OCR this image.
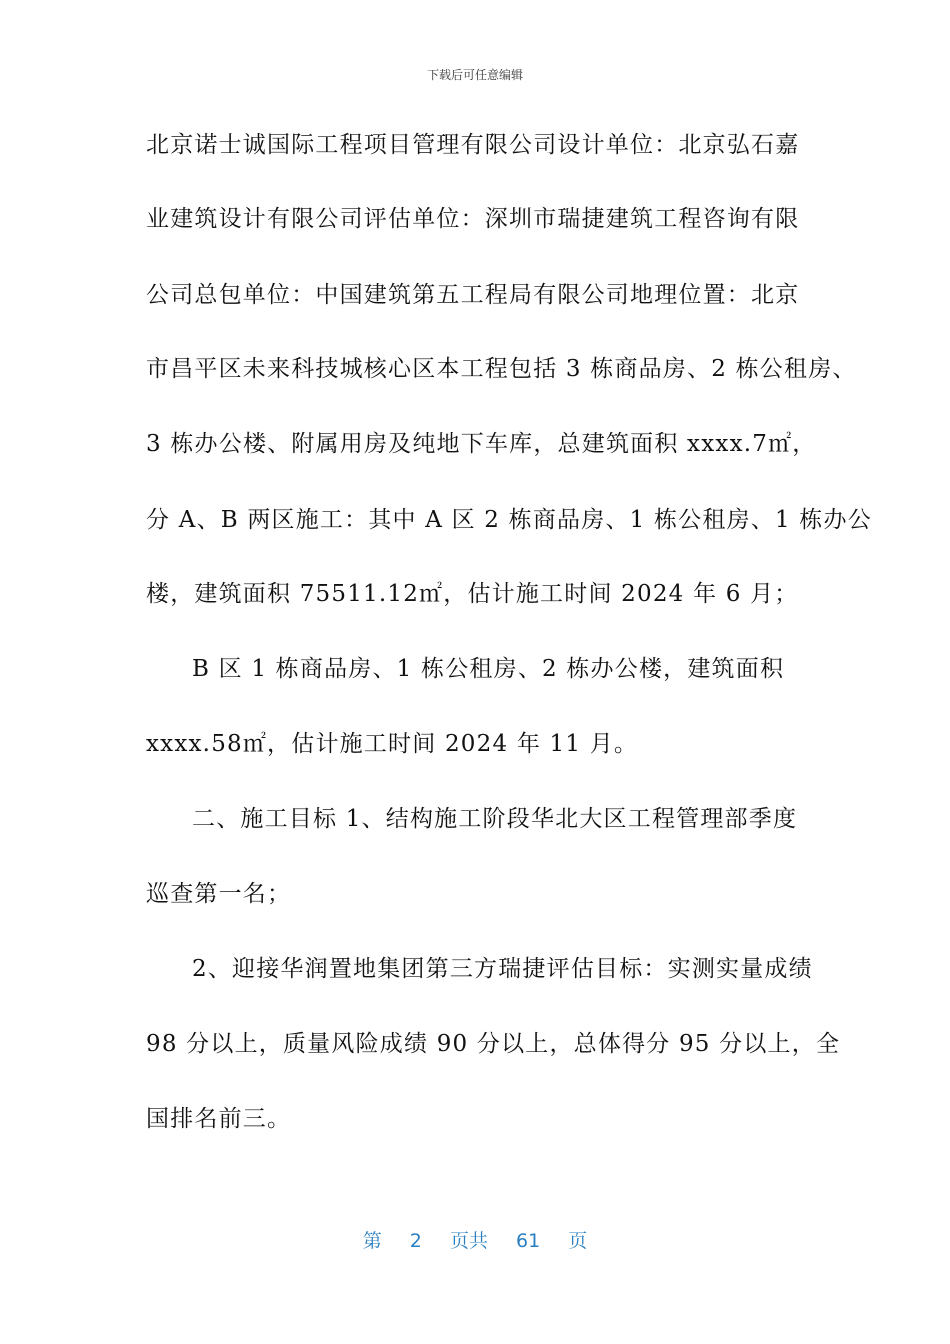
下载后可任意编辑
北京诺士诚国际工程项目管理有限公司设计单位：北京弘石嘉
业建筑设计有限公司评估单位：深圳市瑞捷建筑工程咨询有限
公司总包单位：中国建筑第五工程局有限公司地理位置：北京
市昌平区未来科技城核心区本工程包括 3 栋商品房、2 栋公租房、
3 栋办公楼、附属用房及纯地下车库，总建筑面积 xxxx.7㎡，
分 A、B 两区施工：其中 A 区 2 栋商品房、1 栋公租房、1 栋办公
楼，建筑面积 75511.12㎡，估计施工时间 2024 年 6 月；
B 区 1 栋商品房、1 栋公租房、2 栋办公楼，建筑面积
xxxx.58㎡，估计施工时间 2024 年 11 月。
二、施工目标 1、结构施工阶段华北大区工程管理部季度
巡查第一名；
2、迎接华润置地集团第三方瑞捷评估目标：实测实量成绩
98 分以上，质量风险成绩 90 分以上，总体得分 95 分以上，全
国排名前三。
第 2 页共 61 页
